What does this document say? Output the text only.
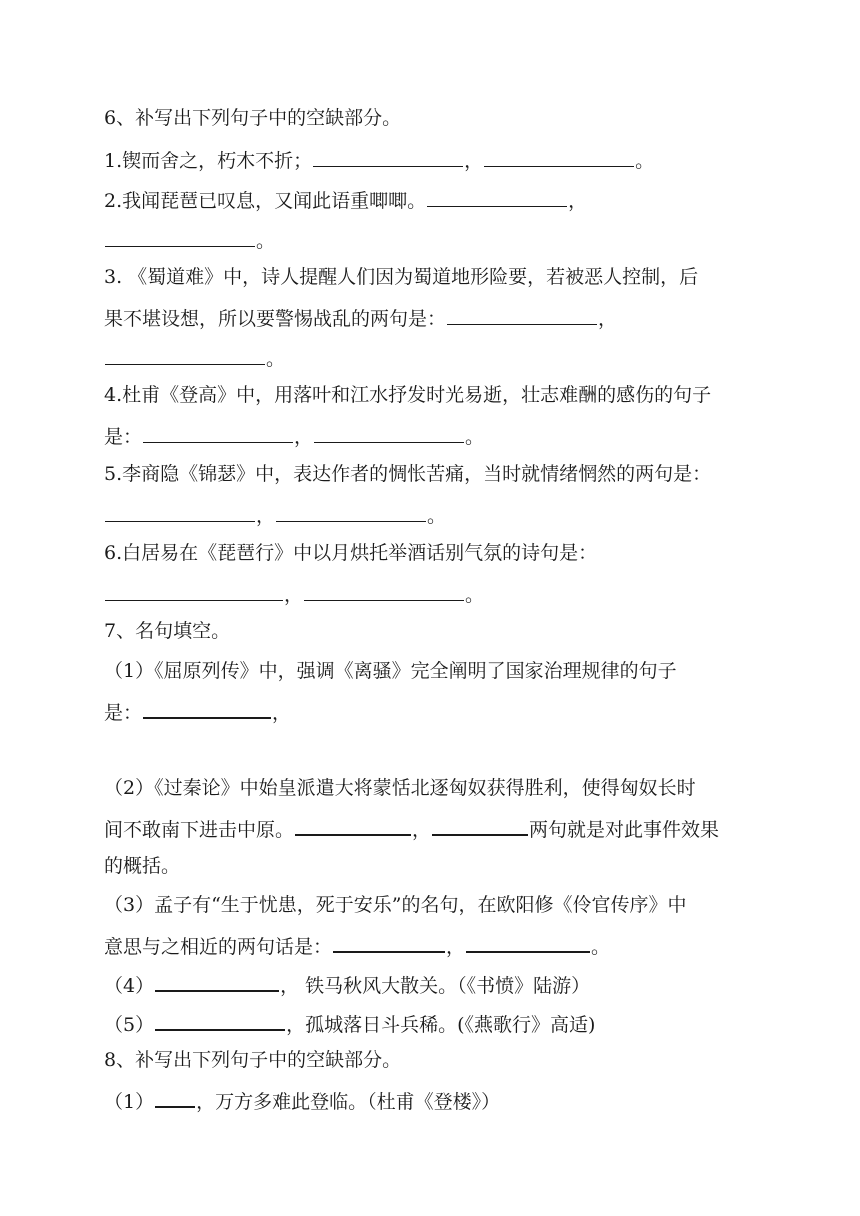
6、补写出下列句子中的空缺部分。
1.锲而舍之，朽木不折；	，	。
2.我闻琵琶已叹息，又闻此语重唧唧。	，
。
3. 《蜀道难》中，诗人提醒人们因为蜀道地形险要，若被恶人控制，后
果不堪设想，所以要警惕战乱的两句是：	，
。
4.杜甫《登高》中，用落叶和江水抒发时光易逝，壮志难酬的感伤的句子
是：	，	。
5.李商隐《锦瑟》中，表达作者的惆怅苦痛，当时就情绪惘然的两句是：
，	。
6.白居易在《琵琶行》中以月烘托举酒话别气氛的诗句是：
，	。
7、名句填空。
（1）《屈原列传》中，强调《离骚》完全阐明了国家治理规律的句子
是：	，
（2）《过秦论》中始皇派遣大将蒙恬北逐匈奴获得胜利，使得匈奴长时
间不敢南下进击中原。	，	两句就是对此事件效果
的概括。
（3）孟子有“生于忧患，死于安乐”的名句，在欧阳修《伶官传序》中
意思与之相近的两句话是：	，	。
（4）	， 铁马秋风大散关。（《书愤》陆游）
（5）	，孤城落日斗兵稀。(《燕歌行》高适)
8、补写出下列句子中的空缺部分。
（1） ，万方多难此登临。（杜甫《登楼》）
